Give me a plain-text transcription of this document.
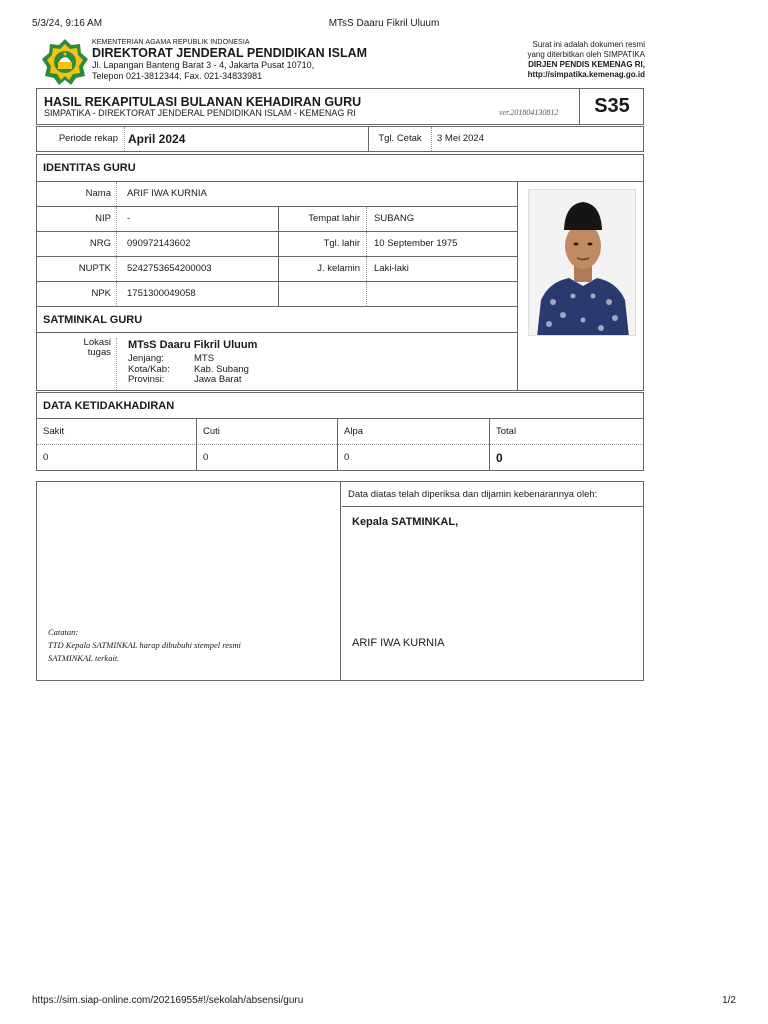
5/3/24, 9:16 AM	MTsS Daaru Fikril Uluum
KEMENTERIAN AGAMA REPUBLIK INDONESIA
DIREKTORAT JENDERAL PENDIDIKAN ISLAM
Jl. Lapangan Banteng Barat 3 - 4, Jakarta Pusat 10710,
Telepon 021-3812344, Fax. 021-34833981
Surat ini adalah dokumen resmi
yang diterbitkan oleh SIMPATIKA
DIRJEN PENDIS KEMENAG RI,
http://simpatika.kemenag.go.id
HASIL REKAPITULASI BULANAN KEHADIRAN GURU
SIMPATIKA - DIREKTORAT JENDERAL PENDIDIKAN ISLAM - KEMENAG RI	ver.201804130812	S35
Periode rekap April 2024	Tgl. Cetak	3 Mei 2024
IDENTITAS GURU
Nama	ARIF IWA KURNIA
NIP	-	Tempat lahir	SUBANG
NRG	090972143602	Tgl. lahir	10 September 1975
NUPTK	5242753654200003	J. kelamin	Laki-laki
NPK	1751300049058
SATMINKAL GURU
Lokasi
tugas
MTsS Daaru Fikril Uluum
Jenjang:	MTS
Kota/Kab:	Kab. Subang
Provinsi:	Jawa Barat
DATA KETIDAKHADIRAN
Sakit	Cuti	Alpa	Total
0	0	0	0
Catatan:
TTD Kepala SATMINKAL harap dibubuhi stempel resmi
SATMINKAL terkait.
Data diatas telah diperiksa dan dijamin kebenarannya oleh:
Kepala SATMINKAL,
ARIF IWA KURNIA
https://sim.siap-online.com/20216955#!/sekolah/absensi/guru	1/2
